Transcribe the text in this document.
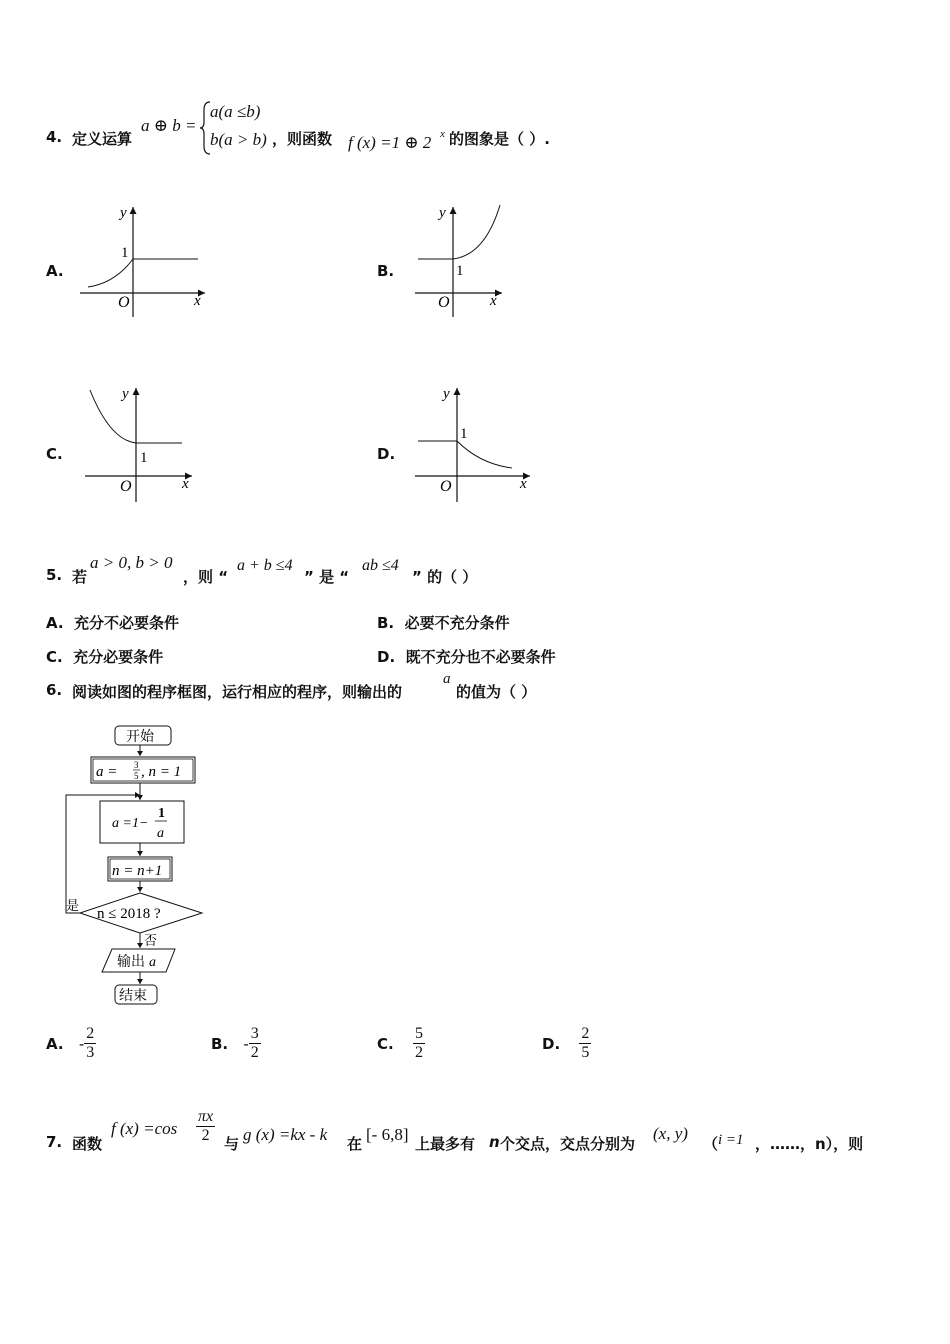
4. 定义运算
a ⊕ b =
a(a ≤b)
b(a > b) ，则函数 f (x) =1 ⊕ 2 x 的图象是（ ）.
A.	B.
C.	D.
y
x
O
1
y
x
O
1
y
x
O
1
y
x
O
1
5. 若
a > 0, b > 0
，则 “
a + b ≤4
” 是 “
ab ≤4
” 的（ ）
A. 充分不必要条件	B. 必要不充分条件
C. 充分必要条件	D. 既不充分也不必要条件
6. 阅读如图的程序框图，运行相应的程序，则输出的
a
的值为（ ）
开始
a = 3
5 , n = 1
a =1−
1
a
n = n+1
n ≤ 2018 ?
是
否
输出 a
结束
A. - $\frac{2}{3}$	B. - $\frac{3}{2}$	C. $\frac{5}{2}$	D. $\frac{2}{5}$
7. 函数
f $(x) =\cos \frac{\pi x}{2}$ 与 g (x) =kx - k 在 [- 6,8] 上最多有 n 个交点，交点分别为
(x, y)
（ i =1 ，……，n），则
